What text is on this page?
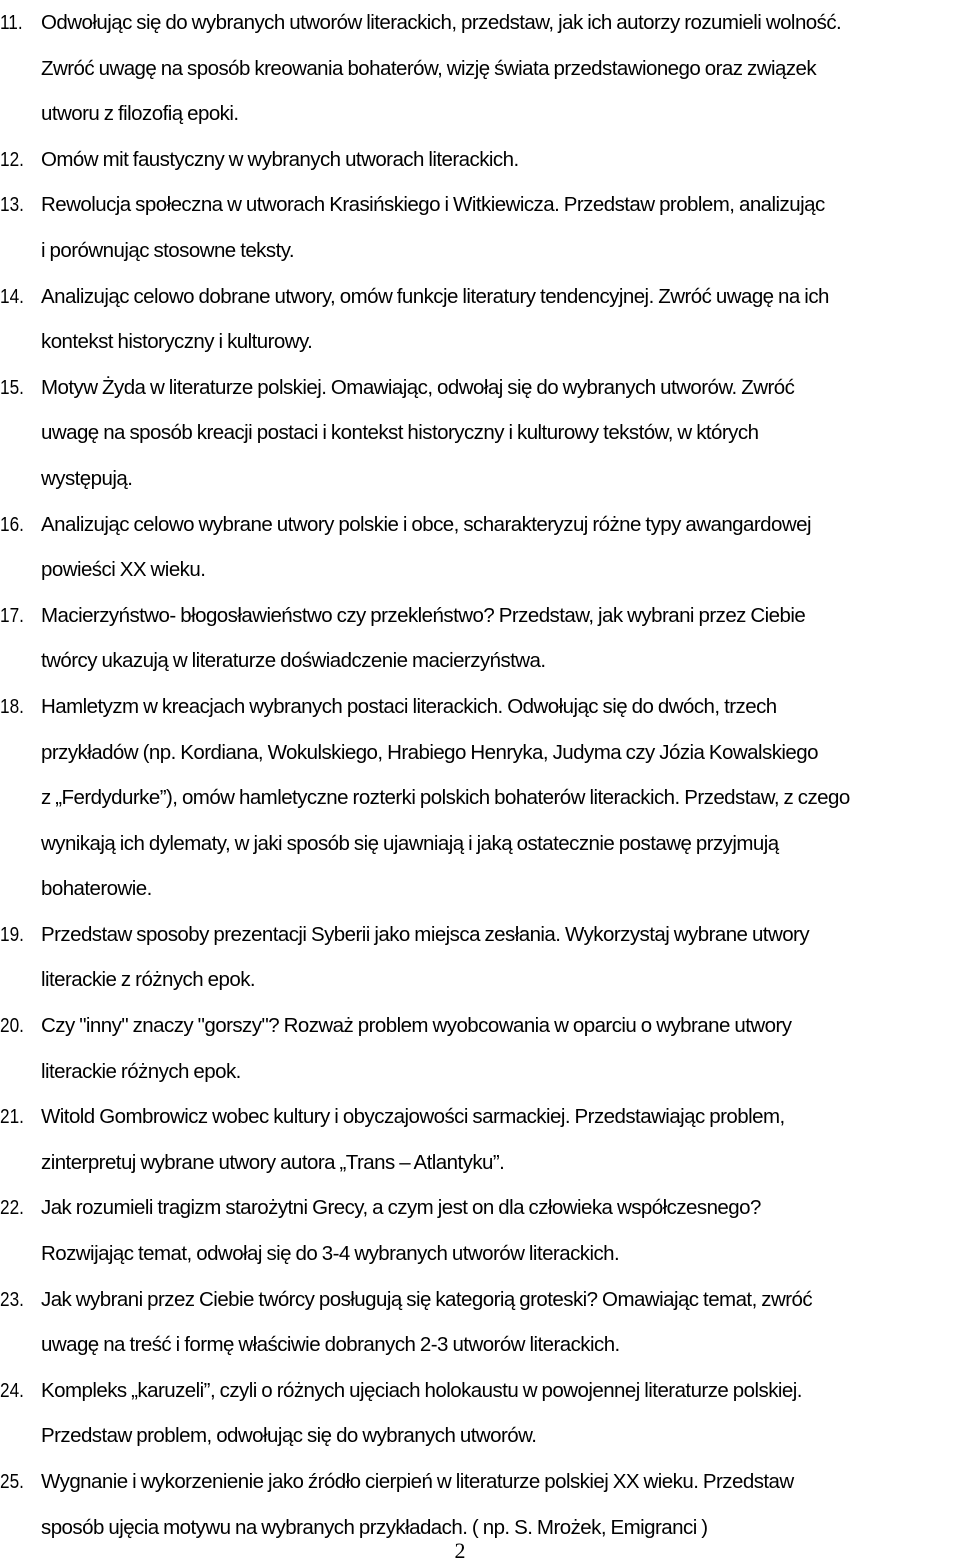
11. Odwołując się do wybranych utworów literackich, przedstaw, jak ich autorzy rozumieli wolność.
Zwróć uwagę na sposób kreowania bohaterów, wizję świata przedstawionego oraz związek
utworu z filozofią epoki.
12. Omów mit faustyczny w wybranych utworach literackich.
13. Rewolucja społeczna w utworach Krasińskiego i Witkiewicza. Przedstaw problem, analizując
i porównując stosowne teksty.
14. Analizując celowo dobrane utwory, omów funkcje literatury tendencyjnej. Zwróć uwagę na ich
kontekst historyczny i kulturowy.
15. Motyw Żyda w literaturze polskiej. Omawiając, odwołaj się do wybranych utworów. Zwróć
uwagę na sposób kreacji postaci i kontekst historyczny i kulturowy tekstów, w których
występują.
16. Analizując celowo wybrane utwory polskie i obce, scharakteryzuj różne typy awangardowej
powieści XX wieku.
17. Macierzyństwo- błogosławieństwo czy przekleństwo? Przedstaw, jak wybrani przez Ciebie
twórcy ukazują w literaturze doświadczenie macierzyństwa.
18. Hamletyzm w kreacjach wybranych postaci literackich. Odwołując się do dwóch, trzech
przykładów (np. Kordiana, Wokulskiego, Hrabiego Henryka, Judyma czy Józia Kowalskiego
z „Ferdydurke”), omów hamletyczne rozterki polskich bohaterów literackich. Przedstaw, z czego
wynikają ich dylematy, w jaki sposób się ujawniają i jaką ostatecznie postawę przyjmują
bohaterowie.
19. Przedstaw sposoby prezentacji Syberii jako miejsca zesłania. Wykorzystaj wybrane utwory
literackie z różnych epok.
20. Czy "inny" znaczy "gorszy"? Rozważ problem wyobcowania w oparciu o wybrane utwory
literackie różnych epok.
21. Witold Gombrowicz wobec kultury i obyczajowości sarmackiej. Przedstawiając problem,
zinterpretuj wybrane utwory autora „Trans – Atlantyku”.
22. Jak rozumieli tragizm starożytni Grecy, a czym jest on dla człowieka współczesnego?
Rozwijając temat, odwołaj się do 3-4 wybranych utworów literackich.
23. Jak wybrani przez Ciebie twórcy posługują się kategorią groteski? Omawiając temat, zwróć
uwagę na treść i formę właściwie dobranych 2-3 utworów literackich.
24. Kompleks „karuzeli”, czyli o różnych ujęciach holokaustu w powojennej literaturze polskiej.
Przedstaw problem, odwołując się do wybranych utworów.
25. Wygnanie i wykorzenienie jako źródło cierpień w literaturze polskiej XX wieku. Przedstaw
sposób ujęcia motywu na wybranych przykładach. ( np. S. Mrożek, Emigranci )
2
